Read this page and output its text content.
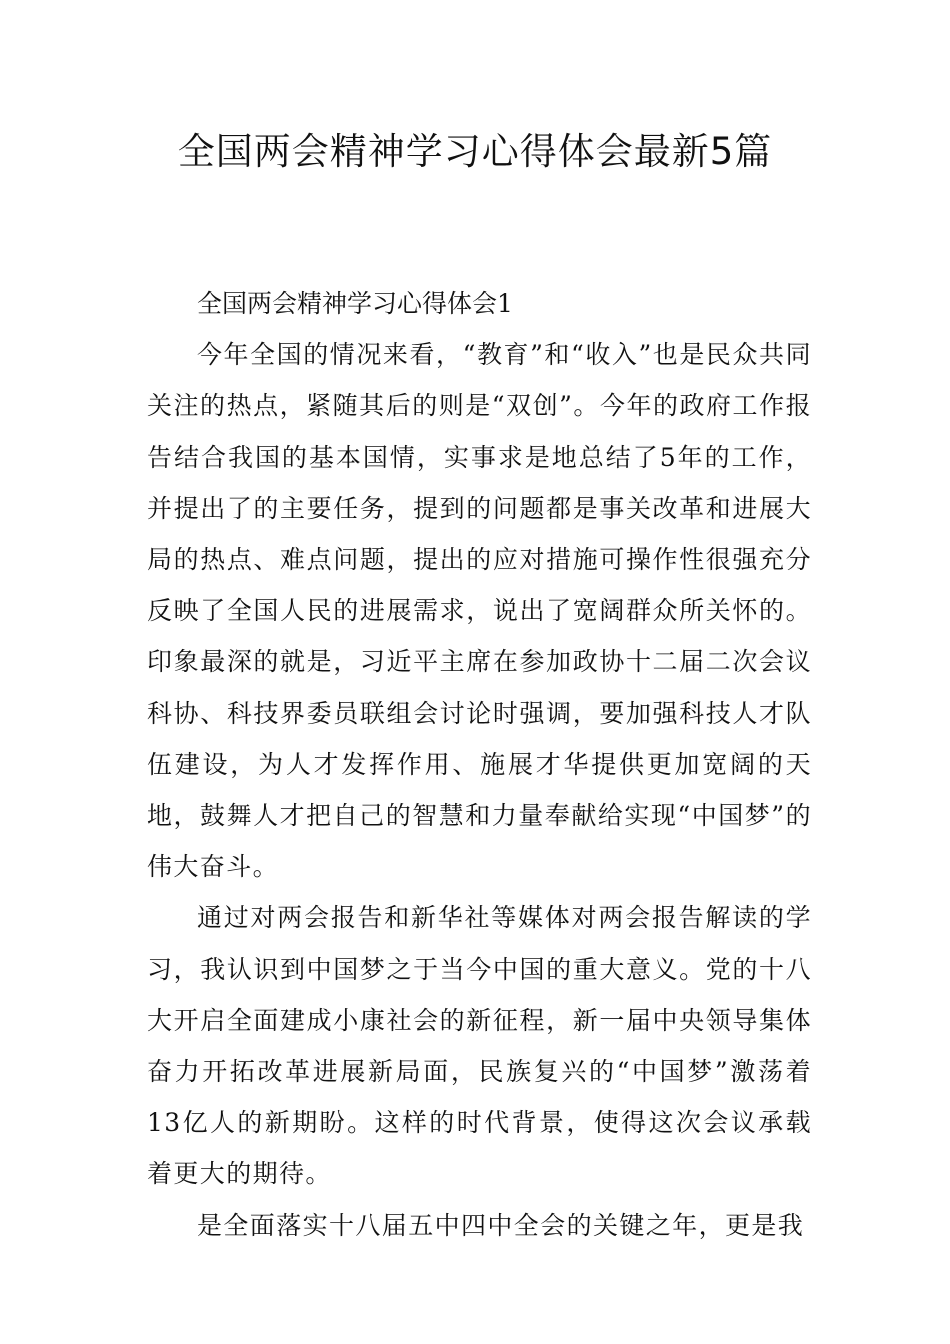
全国两会精神学习心得体会最新5篇

全国两会精神学习心得体会1

今年全国的情况来看，“教育”和“收入”也是民众共同关注的热点，紧随其后的则是“双创”。今年的政府工作报告结合我国的基本国情，实事求是地总结了5年的工作，并提出了的主要任务，提到的问题都是事关改革和进展大局的热点、难点问题，提出的应对措施可操作性很强充分反映了全国人民的进展需求，说出了宽阔群众所关怀的。印象最深的就是，习近平主席在参加政协十二届二次会议科协、科技界委员联组会讨论时强调，要加强科技人才队伍建设，为人才发挥作用、施展才华提供更加宽阔的天地，鼓舞人才把自己的智慧和力量奉献给实现“中国梦”的伟大奋斗。

通过对两会报告和新华社等媒体对两会报告解读的学习，我认识到中国梦之于当今中国的重大意义。党的十八大开启全面建成小康社会的新征程，新一届中央领导集体奋力开拓改革进展新局面，民族复兴的“中国梦”激荡着13亿人的新期盼。这样的时代背景，使得这次会议承载着更大的期待。

是全面落实十八届五中四中全会的关键之年，更是我
